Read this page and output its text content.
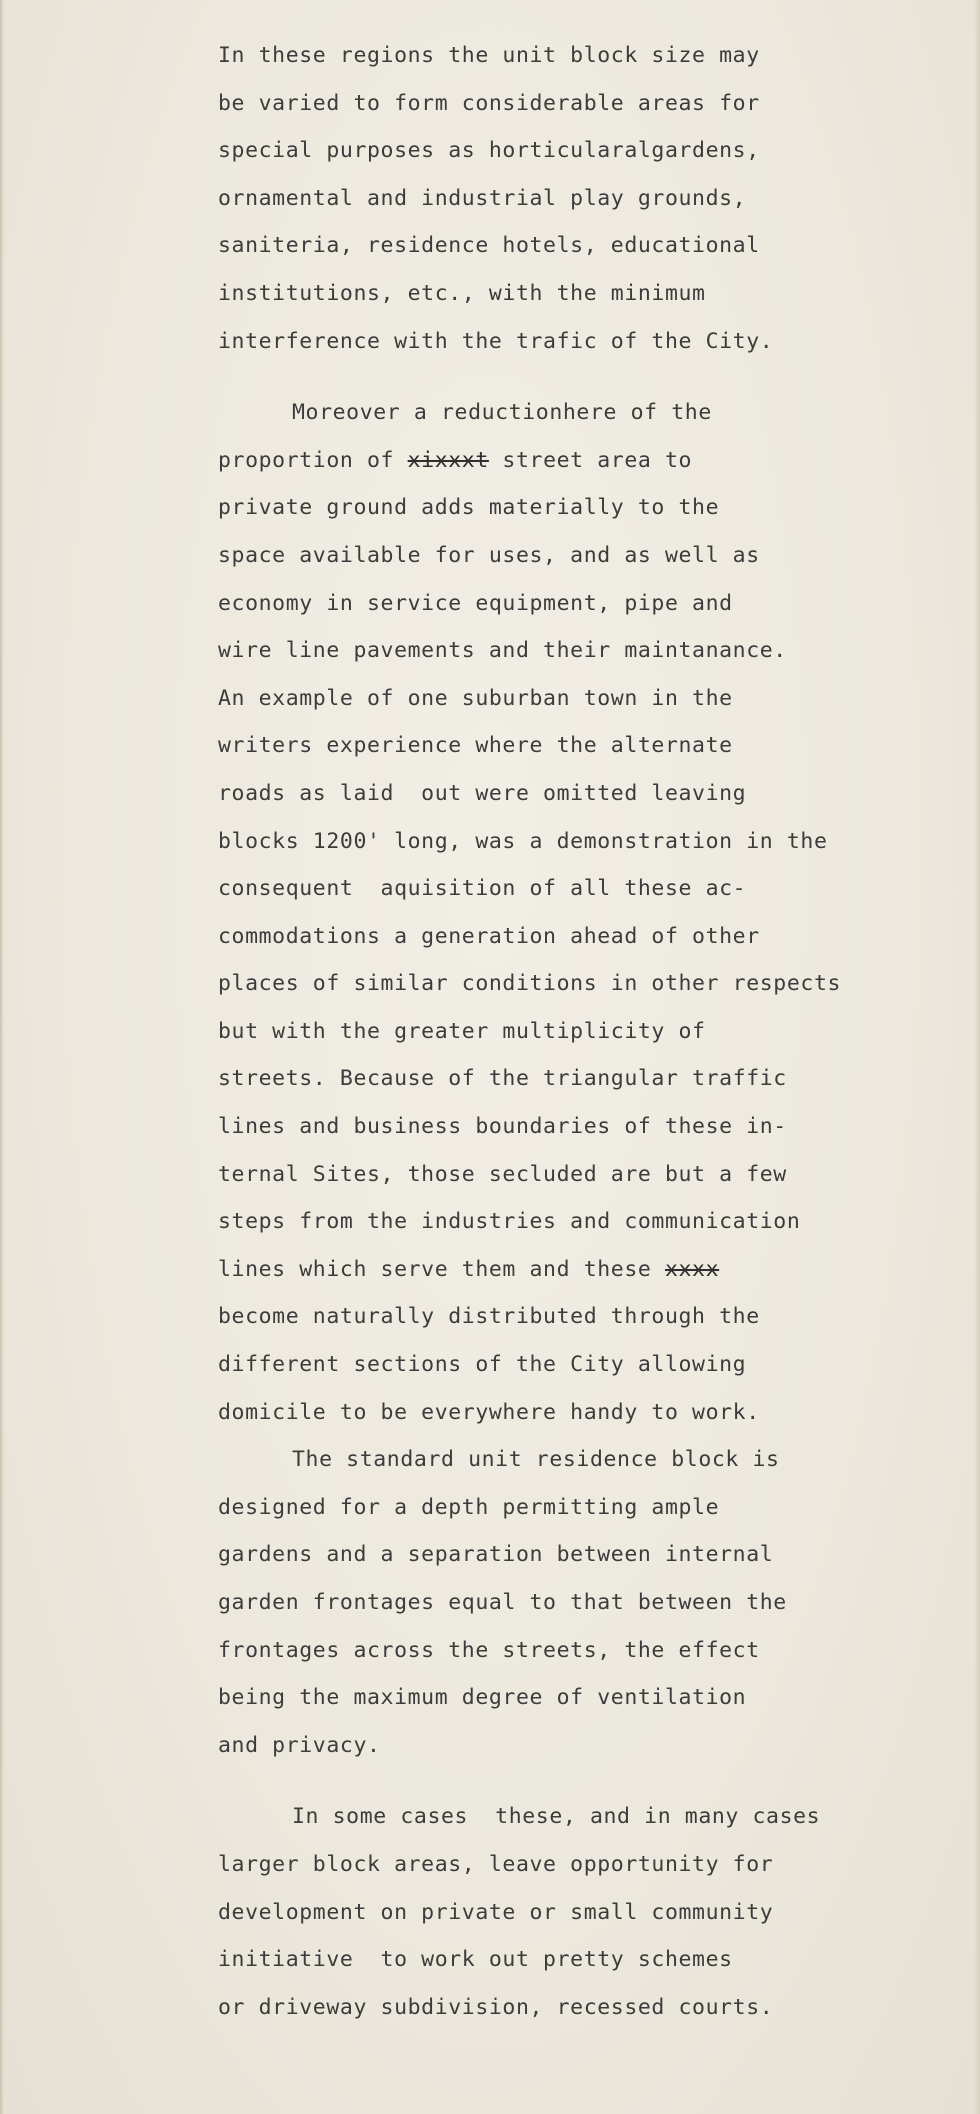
In these regions the unit block size may
be varied to form considerable areas for
special purposes as horticularalgardens,
ornamental and industrial play grounds,
saniteria, residence hotels, educational
institutions, etc., with the minimum
interference with the trafic of the City.
Moreover a reductionhere of the
proportion of xixxxt street area to
private ground adds materially to the
space available for uses, and as well as
economy in service equipment, pipe and
wire line pavements and their maintanance.
An example of one suburban town in the
writers experience where the alternate
roads as laid  out were omitted leaving
blocks 1200' long, was a demonstration in the
consequent  aquisition of all these ac-
commodations a generation ahead of other
places of similar conditions in other respects
but with the greater multiplicity of
streets. Because of the triangular traffic
lines and business boundaries of these in-
ternal Sites, those secluded are but a few
steps from the industries and communication
lines which serve them and these xxxx
become naturally distributed through the
different sections of the City allowing
domicile to be everywhere handy to work.
The standard unit residence block is
designed for a depth permitting ample
gardens and a separation between internal
garden frontages equal to that between the
frontages across the streets, the effect
being the maximum degree of ventilation
and privacy.
In some cases  these, and in many cases
larger block areas, leave opportunity for
development on private or small community
initiative  to work out pretty schemes
or driveway subdivision, recessed courts.
